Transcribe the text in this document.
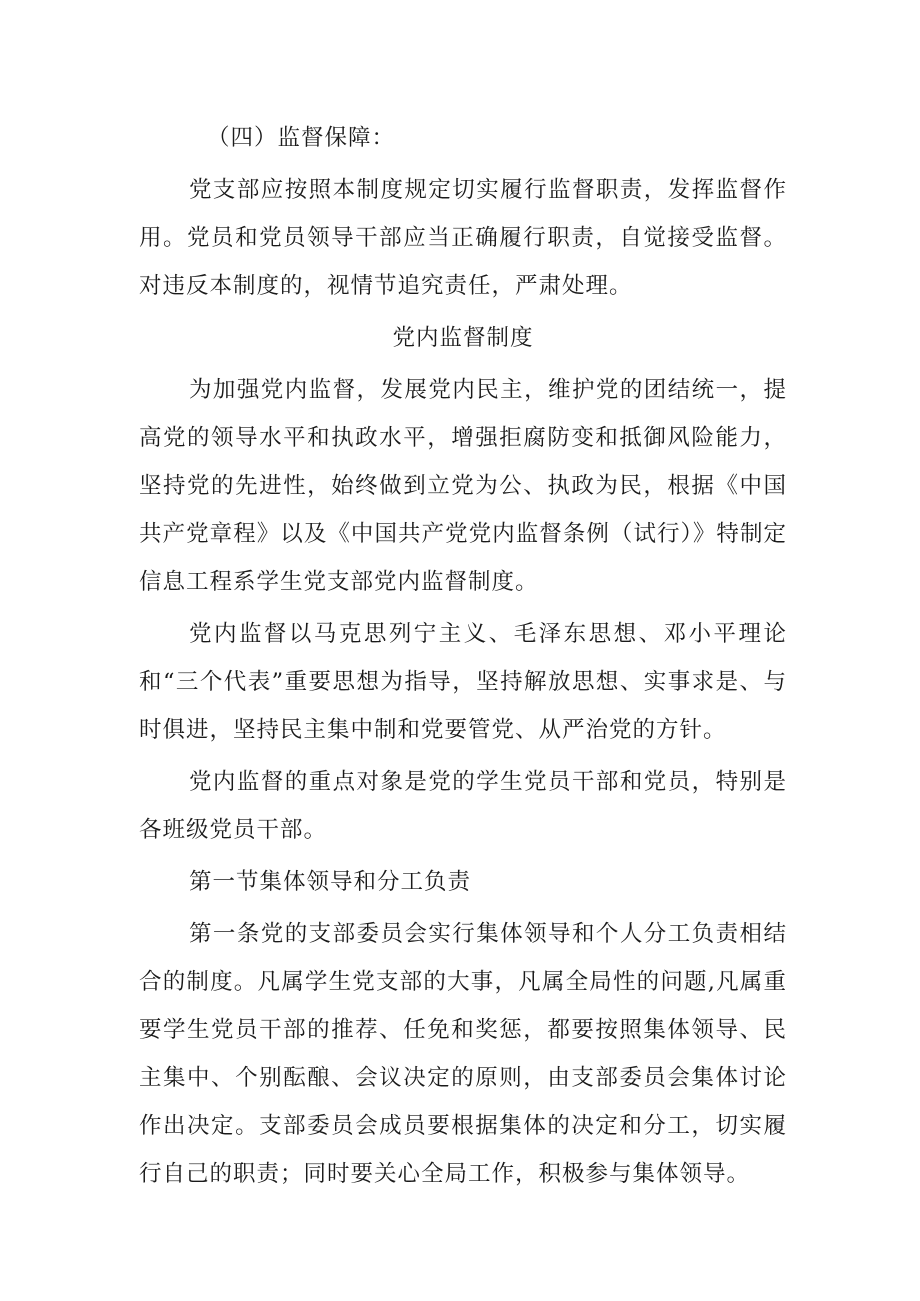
（四）监督保障：

党支部应按照本制度规定切实履行监督职责，发挥监督作用。党员和党员领导干部应当正确履行职责，自觉接受监督。对违反本制度的，视情节追究责任，严肃处理。

党内监督制度

为加强党内监督，发展党内民主，维护党的团结统一，提高党的领导水平和执政水平，增强拒腐防变和抵御风险能力，坚持党的先进性，始终做到立党为公、执政为民，根据《中国共产党章程》以及《中国共产党党内监督条例（试行）》特制定信息工程系学生党支部党内监督制度。

党内监督以马克思列宁主义、毛泽东思想、邓小平理论和“三个代表”重要思想为指导，坚持解放思想、实事求是、与时俱进，坚持民主集中制和党要管党、从严治党的方针。

党内监督的重点对象是党的学生党员干部和党员，特别是各班级党员干部。

第一节集体领导和分工负责

第一条党的支部委员会实行集体领导和个人分工负责相结合的制度。凡属学生党支部的大事，凡属全局性的问题,凡属重要学生党员干部的推荐、任免和奖惩，都要按照集体领导、民主集中、个别酝酿、会议决定的原则，由支部委员会集体讨论作出决定。支部委员会成员要根据集体的决定和分工，切实履行自己的职责；同时要关心全局工作，积极参与集体领导。
